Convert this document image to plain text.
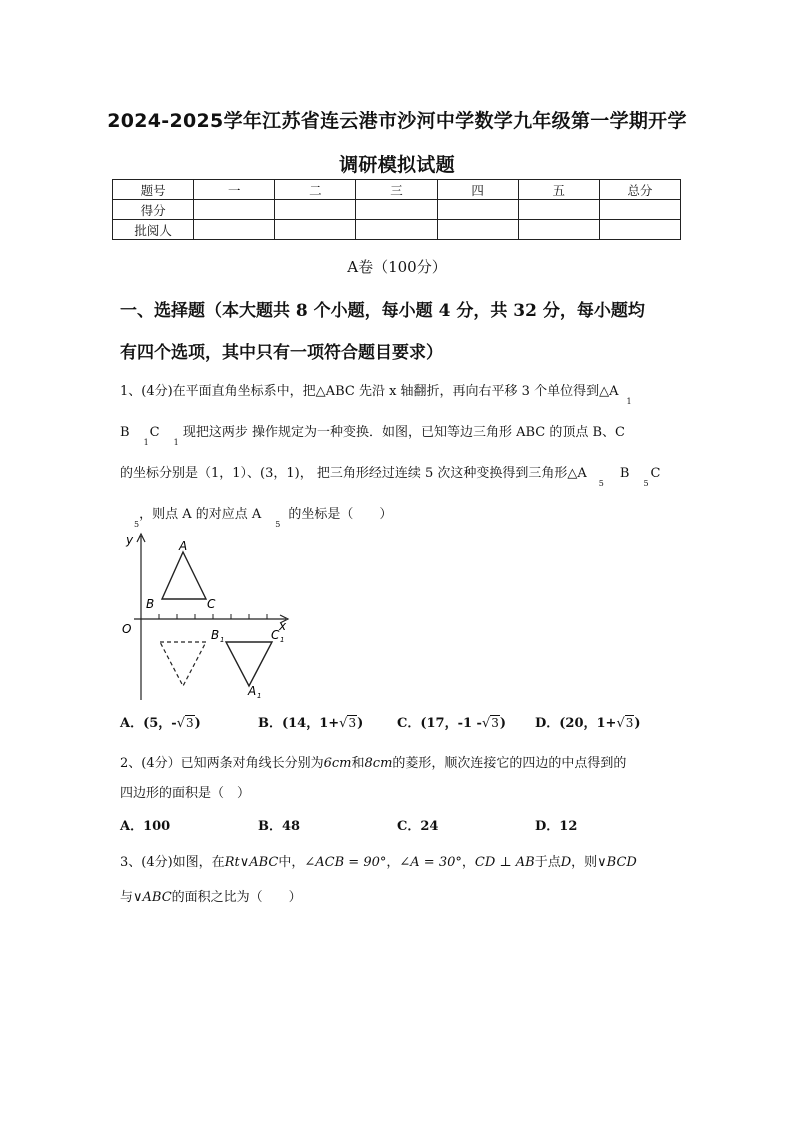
2024-2025学年江苏省连云港市沙河中学数学九年级第一学期开学
调研模拟试题
题号	一	二	三	四	五	总分
得分						
批阅人						
A卷（100分）
一、选择题（本大题共 8 个小题，每小题 4 分，共 32 分，每小题均
有四个选项，其中只有一项符合题目要求）
1、(4分)在平面直角坐标系中，把△ABC 先沿 x 轴翻折，再向右平移 3 个单位得到$\triangle A_1$
$B_1C_1$ 现把这两步 操作规定为一种变换．如图，已知等边三角形 ABC 的顶点 B、C
的坐标分别是（1，1）、(3，1)， 把三角形经过连续 5 次这种变换得到三角形$\triangle A_5B_5C$
$_5$，则点 A 的对应点 $A_5$的坐标是（　　）
y	A
B	C
O	x
B 1	C 1
A 1
A．(5，-√3)	B．(14，1+√3)	C．(17，-1 -√3) D．(20，1+√3)
2、(4分）已知两条对角线长分别为6cm和8cm的菱形，顺次连接它的四边的中点得到的
四边形的面积是（　）
A．100	B．48	C．24	D．12
3、(4分)如图，在Rt∨ABC中，∠ACB = 90°，∠A = 30°，CD ⊥ AB于点D，则∨BCD
与∨ABC的面积之比为（　　）
